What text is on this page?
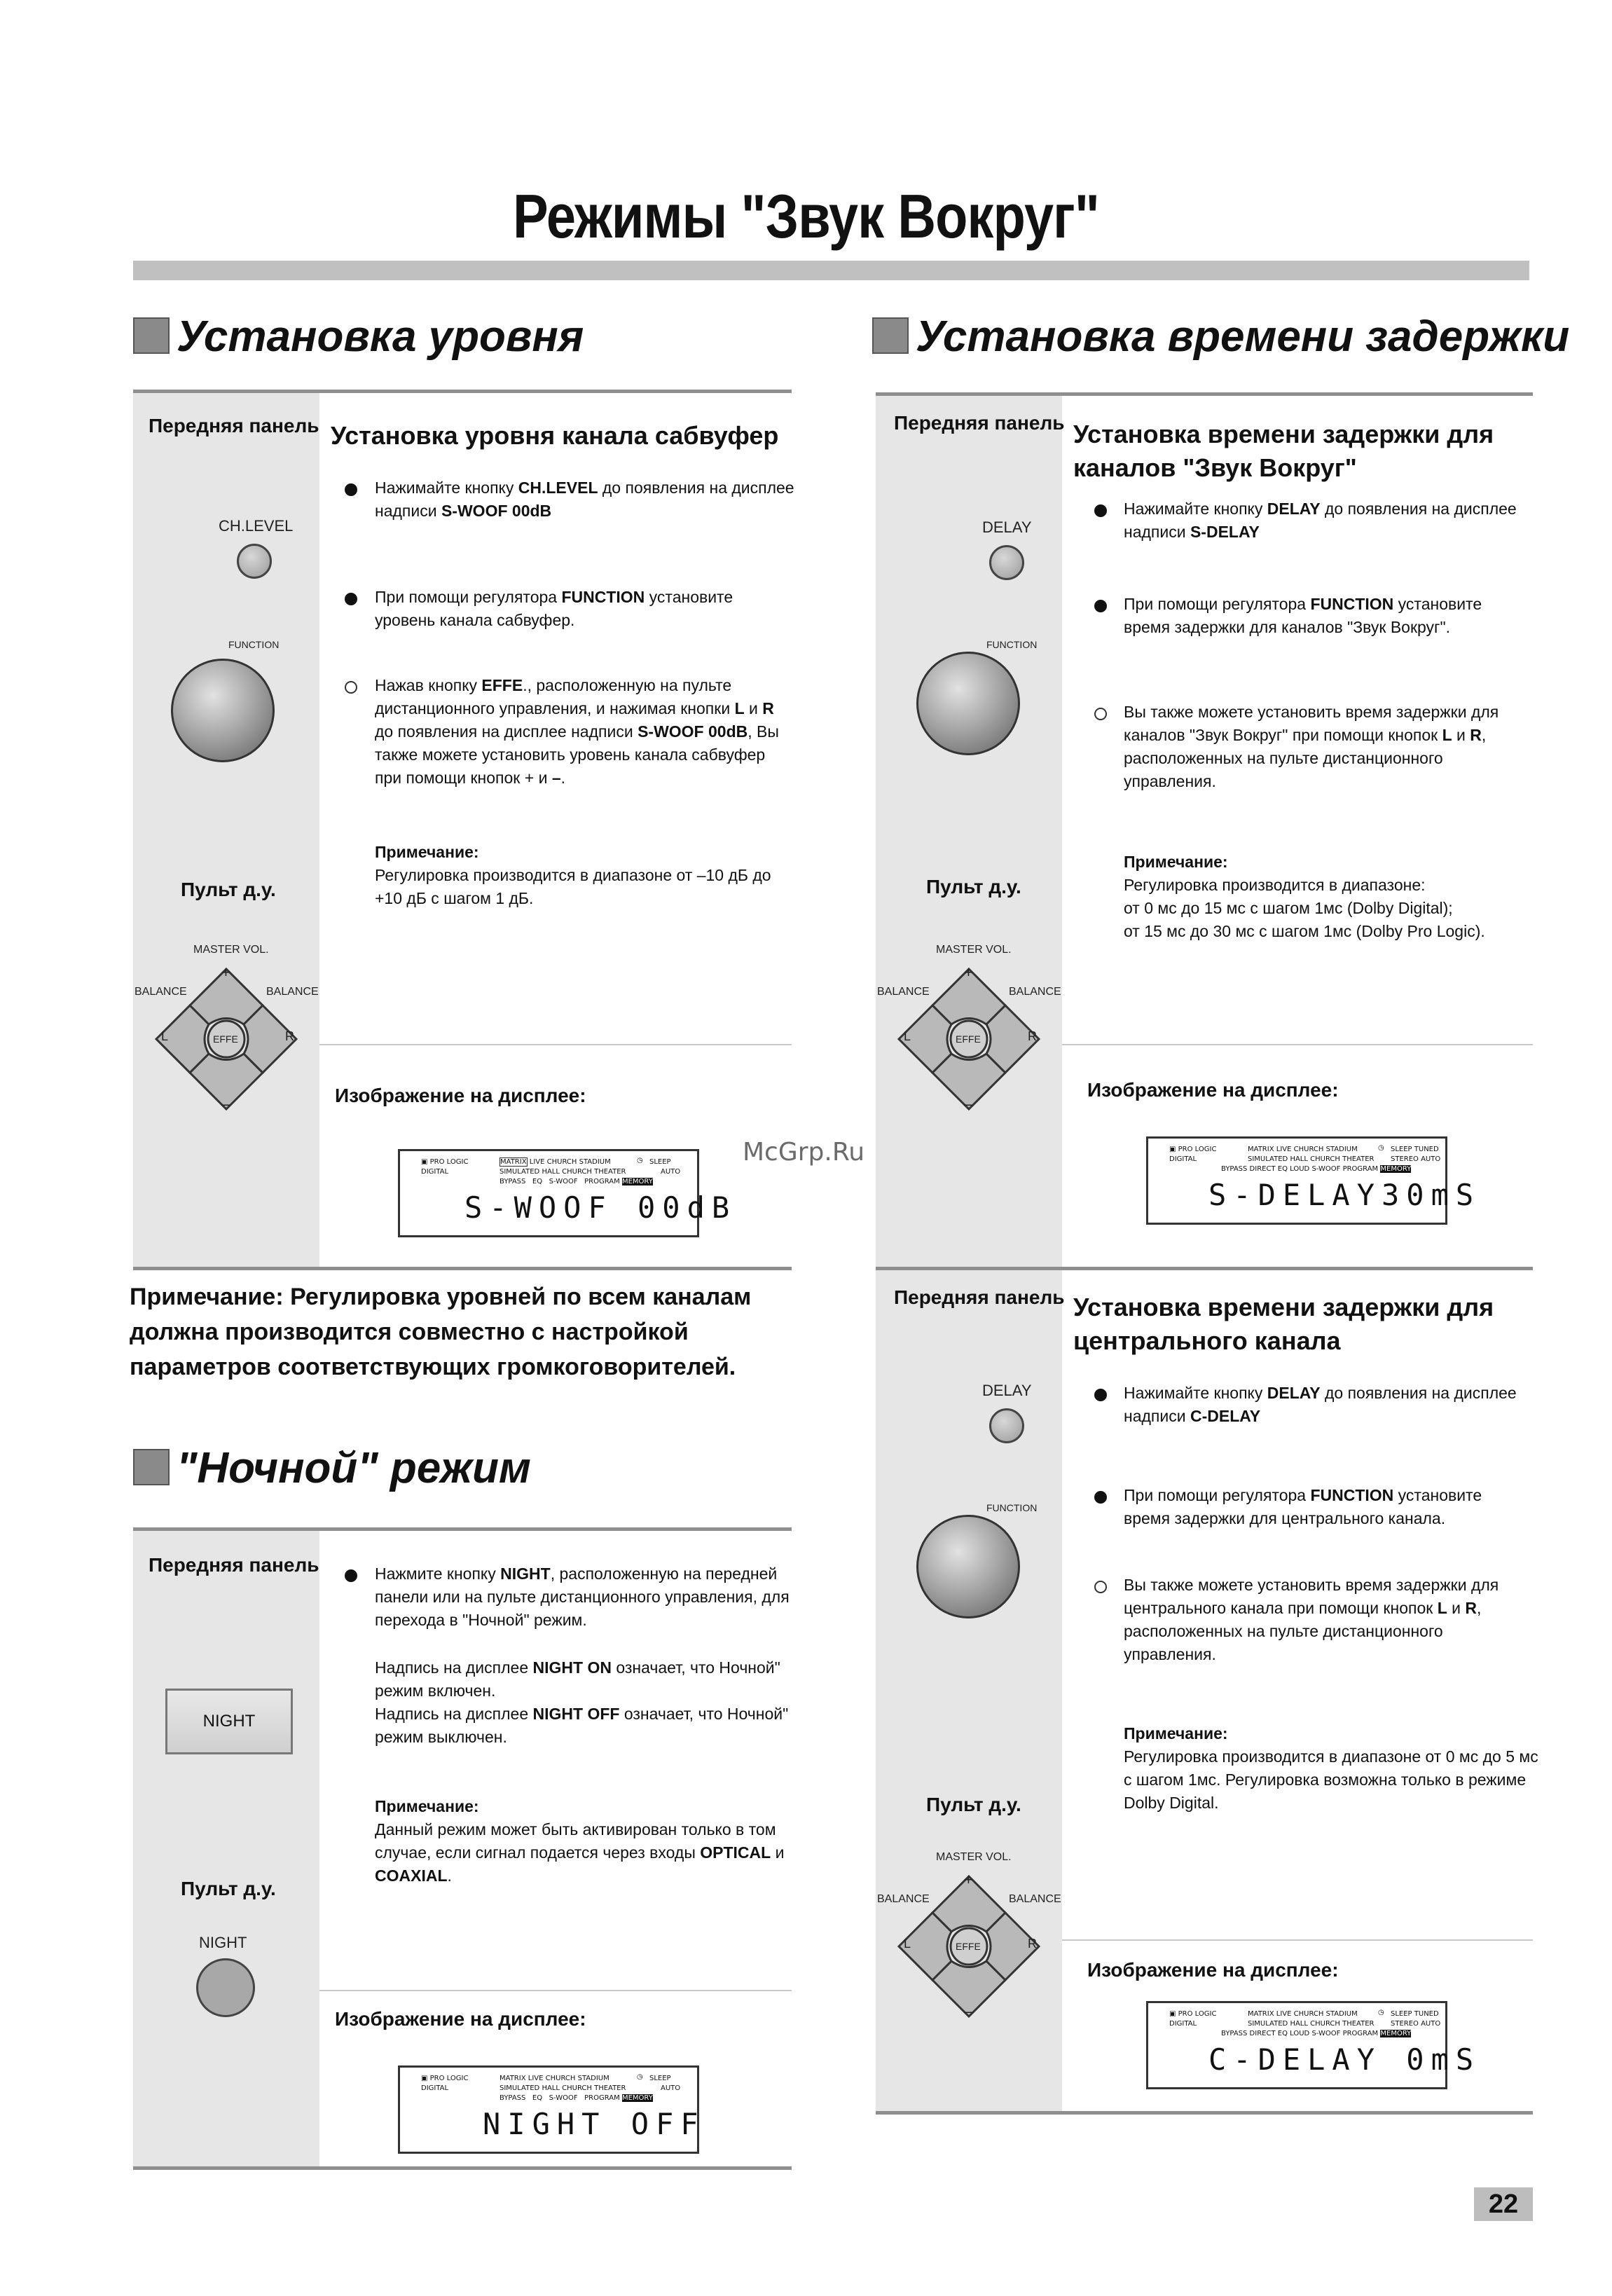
Режимы "Звук Вокруг"
Установка уровня
Передняя панель
CH.LEVEL
FUNCTION
Пульт д.у.
MASTER VOL.
BALANCE	BALANCE
+
–
L	R
EFFE
Установка уровня канала сабвуфер
Нажимайте кнопку CH.LEVEL до появления на дисплее надписи S-WOOF 00dB
При помощи регулятора FUNCTION установите уровень канала сабвуфер.
Нажав кнопку EFFE., расположенную на пульте дистанционного управления, и нажимая кнопки L и R до появления на дисплее надписи S-WOOF 00dB, Вы также можете установить уровень канала сабвуфер при помощи кнопок + и –.
Примечание:
Регулировка производится в диапазоне от –10 дБ до +10 дБ с шагом 1 дБ.
Изображение на дисплее:
▣ PRO LOGIC
DIGITAL
MATRIX LIVE CHURCH STADIUM
SIMULATED HALL CHURCH THEATER
BYPASS EQ S-WOOF PROGRAM MEMORY
◷ SLEEP
AUTO
S-WOOF 00dB
Примечание: Регулировка уровней по всем каналам должна производится совместно с настройкой параметров соответствующих громкоговорителей.
"Ночной" режим
Передняя панель
NIGHT
Пульт д.у.
NIGHT
Нажмите кнопку NIGHT, расположенную на передней панели или на пульте дистанционного управления, для перехода в "Ночной" режим.
Надпись на дисплее NIGHT ON означает, что Ночной" режим включен.
Надпись на дисплее NIGHT OFF означает, что Ночной" режим выключен.
Примечание:
Данный режим может быть активирован только в том случае, если сигнал подается через входы OPTICAL и COAXIAL.
Изображение на дисплее:
▣ PRO LOGIC
DIGITAL
MATRIX LIVE CHURCH STADIUM
SIMULATED HALL CHURCH THEATER
BYPASS EQ S-WOOF PROGRAM MEMORY
◷ SLEEP
AUTO
NIGHT OFF
Установка времени задержки
Передняя панель
DELAY
FUNCTION
Пульт д.у.
MASTER VOL.
BALANCE	BALANCE
+
–
L	R
EFFE
Установка времени задержки для каналов "Звук Вокруг"
Нажимайте кнопку DELAY до появления на дисплее надписи S-DELAY
При помощи регулятора FUNCTION установите время задержки для каналов "Звук Вокруг".
Вы также можете установить время задержки для каналов "Звук Вокруг" при помощи кнопок L и R, расположенных на пульте дистанционного управления.
Примечание:
Регулировка производится в диапазоне:
от 0 мс до 15 мс с шагом 1мс (Dolby Digital);
от 15 мс до 30 мс с шагом 1мс (Dolby Pro Logic).
Изображение на дисплее:
▣ PRO LOGIC
DIGITAL
MATRIX LIVE CHURCH STADIUM
SIMULATED HALL CHURCH THEATER
BYPASS DIRECT EQ LOUD S-WOOF PROGRAM MEMORY
◷ SLEEP TUNED
STEREO AUTO
S-DELAY30mS
Передняя панель
DELAY
FUNCTION
Пульт д.у.
MASTER VOL.
BALANCE	BALANCE
+
–
L	R
EFFE
Установка времени задержки для центрального канала
Нажимайте кнопку DELAY до появления на дисплее надписи C-DELAY
При помощи регулятора FUNCTION установите время задержки для центрального канала.
Вы также можете установить время задержки для центрального канала при помощи кнопок L и R, расположенных на пульте дистанционного управления.
Примечание:
Регулировка производится в диапазоне от 0 мс до 5 мс с шагом 1мс. Регулировка возможна только в режиме Dolby Digital.
Изображение на дисплее:
▣ PRO LOGIC
DIGITAL
MATRIX LIVE CHURCH STADIUM
SIMULATED HALL CHURCH THEATER
BYPASS DIRECT EQ LOUD S-WOOF PROGRAM MEMORY
◷ SLEEP TUNED
STEREO AUTO
C-DELAY 0mS
McGrp.Ru
22
